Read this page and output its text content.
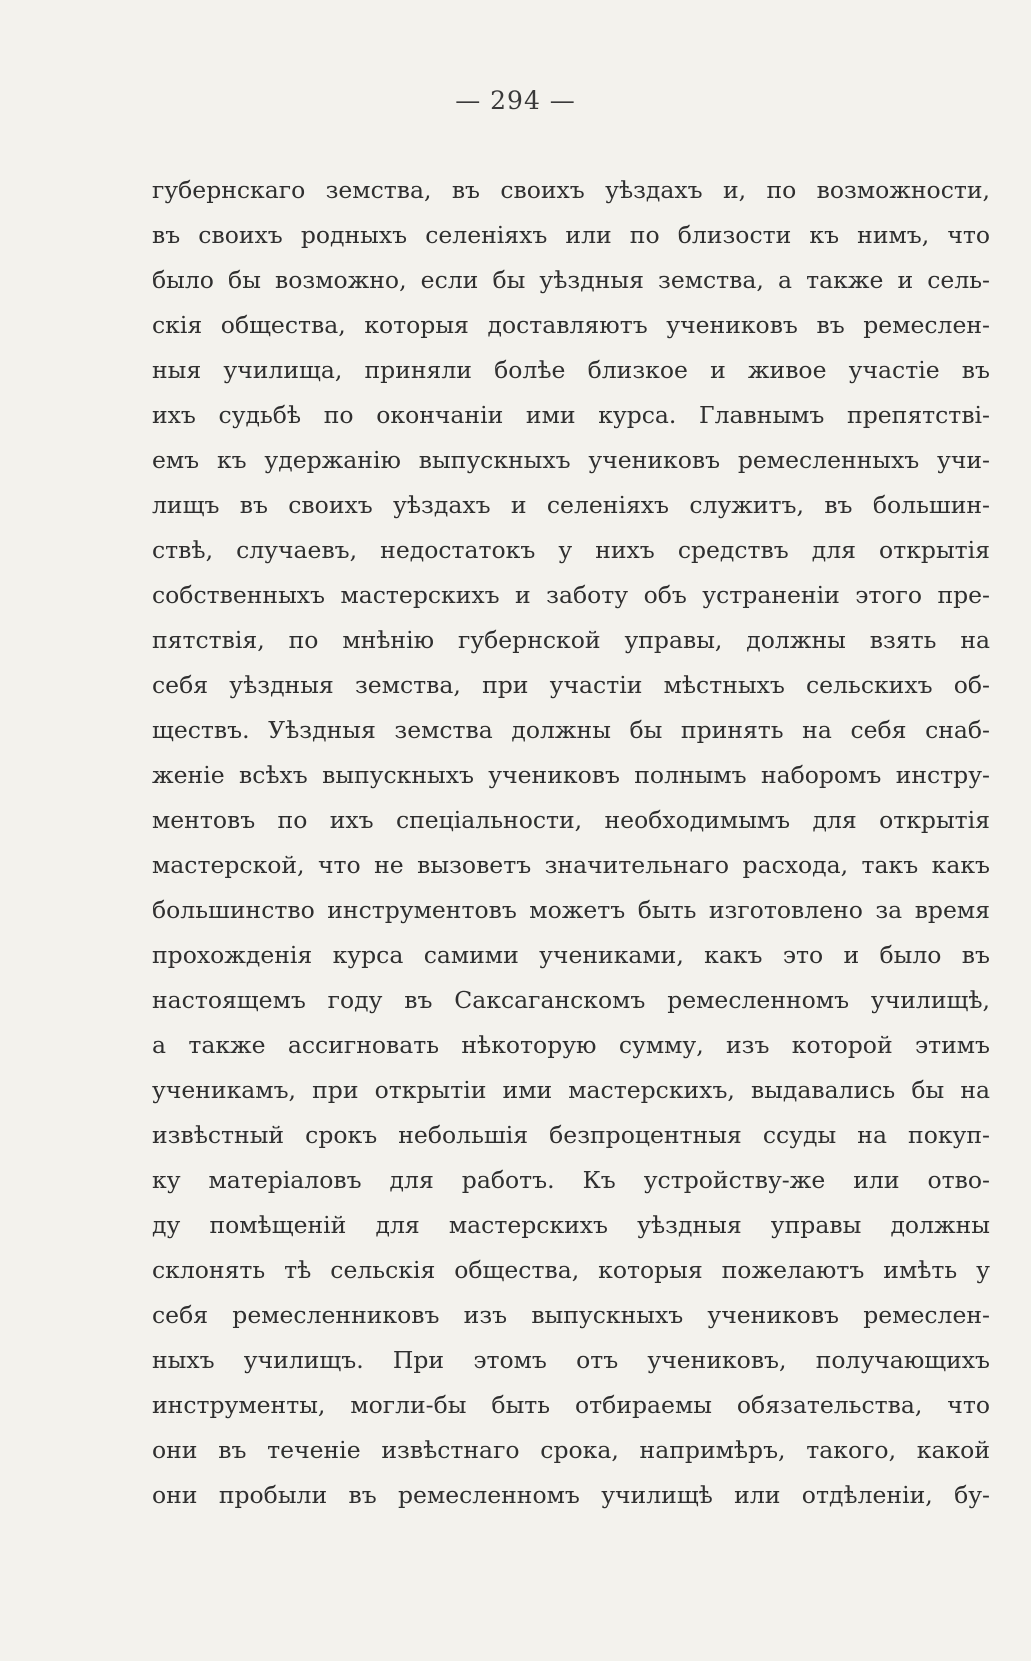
— 294 —
губернскаго земства, въ своихъ уѣздахъ и, по возможности,
въ своихъ родныхъ селеніяхъ или по близости къ нимъ, что
было бы возможно, если бы уѣздныя земства, а также и сель-
скія общества, которыя доставляютъ учениковъ въ ремеслен-
ныя училища, приняли болѣе близкое и живое участіе въ
ихъ судьбѣ по окончаніи ими курса. Главнымъ препятствi-
емъ къ удержанію выпускныхъ учениковъ ремесленныхъ учи-
лищъ въ своихъ уѣздахъ и селеніяхъ служитъ, въ большин-
ствѣ, случаевъ, недостатокъ у нихъ средствъ для открытія
собственныхъ мастерскихъ и заботу объ устраненіи этого пре-
пятствія, по мнѣнію губернской управы, должны взять на
себя уѣздныя земства, при участіи мѣстныхъ сельскихъ об-
ществъ. Уѣздныя земства должны бы принять на себя снаб-
женіе всѣхъ выпускныхъ учениковъ полнымъ наборомъ инстру-
ментовъ по ихъ спеціальности, необходимымъ для открытія
мастерской, что не вызоветъ значительнаго расхода, такъ какъ
большинство инструментовъ можетъ быть изготовлено за время
прохожденія курса самими учениками, какъ это и было въ
настоящемъ году въ Саксаганскомъ ремесленномъ училищѣ,
а также ассигновать нѣкоторую сумму, изъ которой этимъ
ученикамъ, при открытіи ими мастерскихъ, выдавались бы на
извѣстный срокъ небольшія безпроцентныя ссуды на покуп-
ку матеріаловъ для работъ. Къ устройству-же или отво-
ду помѣщеній для мастерскихъ уѣздныя управы должны
склонять тѣ сельскія общества, которыя пожелаютъ имѣть у
себя ремесленниковъ изъ выпускныхъ учениковъ ремеслен-
ныхъ училищъ. При этомъ отъ учениковъ, получающихъ
инструменты, могли-бы быть отбираемы обязательства, что
они въ теченіе извѣстнаго срока, напримѣръ, такого, какой
они пробыли въ ремесленномъ училищѣ или отдѣленіи, бу-
